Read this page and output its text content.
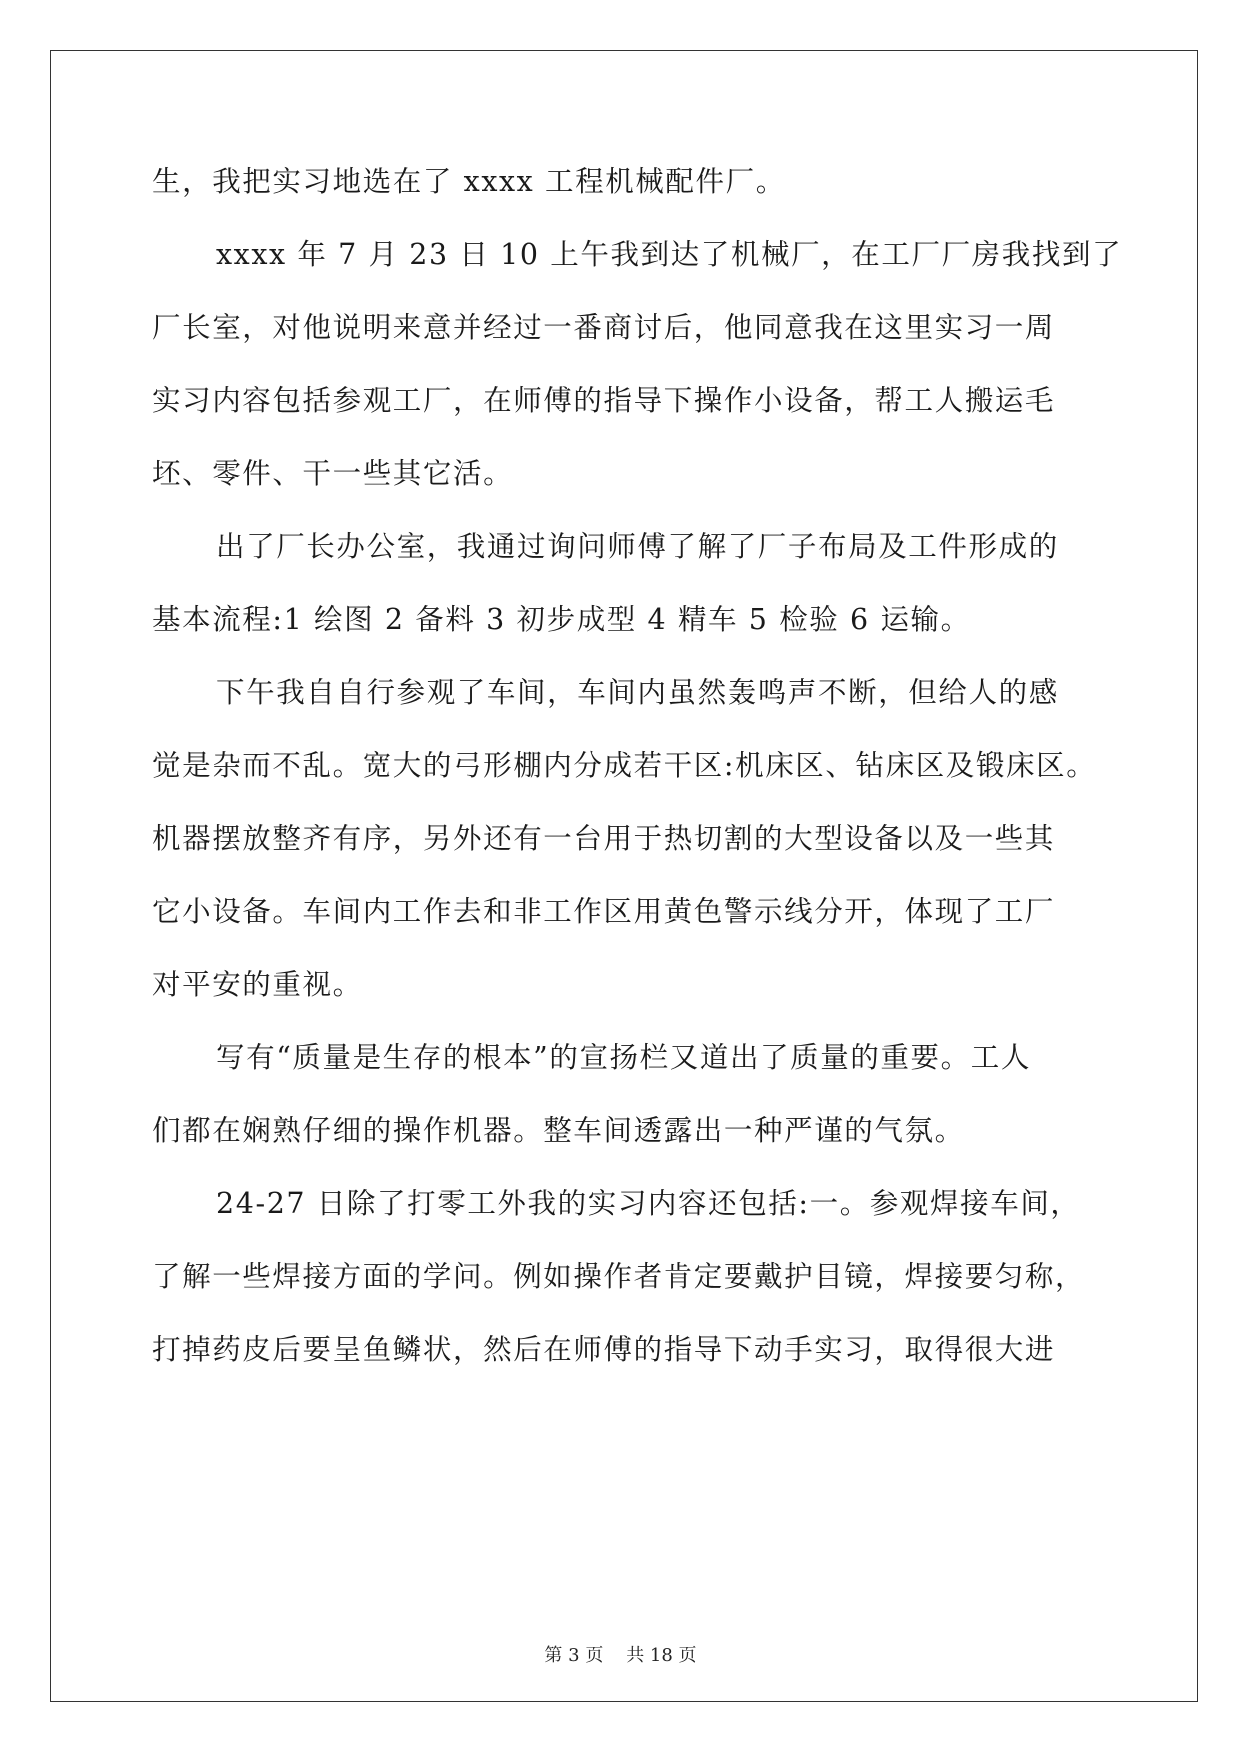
生，我把实习地选在了 xxxx 工程机械配件厂。
xxxx 年 7 月 23 日 10 上午我到达了机械厂，在工厂厂房我找到了
厂长室，对他说明来意并经过一番商讨后，他同意我在这里实习一周
实习内容包括参观工厂，在师傅的指导下操作小设备，帮工人搬运毛
坯、零件、干一些其它活。
出了厂长办公室，我通过询问师傅了解了厂子布局及工件形成的
基本流程:1 绘图 2 备料 3 初步成型 4 精车 5 检验 6 运输。
下午我自自行参观了车间，车间内虽然轰鸣声不断，但给人的感
觉是杂而不乱。宽大的弓形棚内分成若干区:机床区、钻床区及锻床区。
机器摆放整齐有序，另外还有一台用于热切割的大型设备以及一些其
它小设备。车间内工作去和非工作区用黄色警示线分开，体现了工厂
对平安的重视。
写有“质量是生存的根本”的宣扬栏又道出了质量的重要。工人
们都在娴熟仔细的操作机器。整车间透露出一种严谨的气氛。
24-27 日除了打零工外我的实习内容还包括:一。参观焊接车间，
了解一些焊接方面的学问。例如操作者肯定要戴护目镜，焊接要匀称，
打掉药皮后要呈鱼鳞状，然后在师傅的指导下动手实习，取得很大进
第 3 页    共 18 页
